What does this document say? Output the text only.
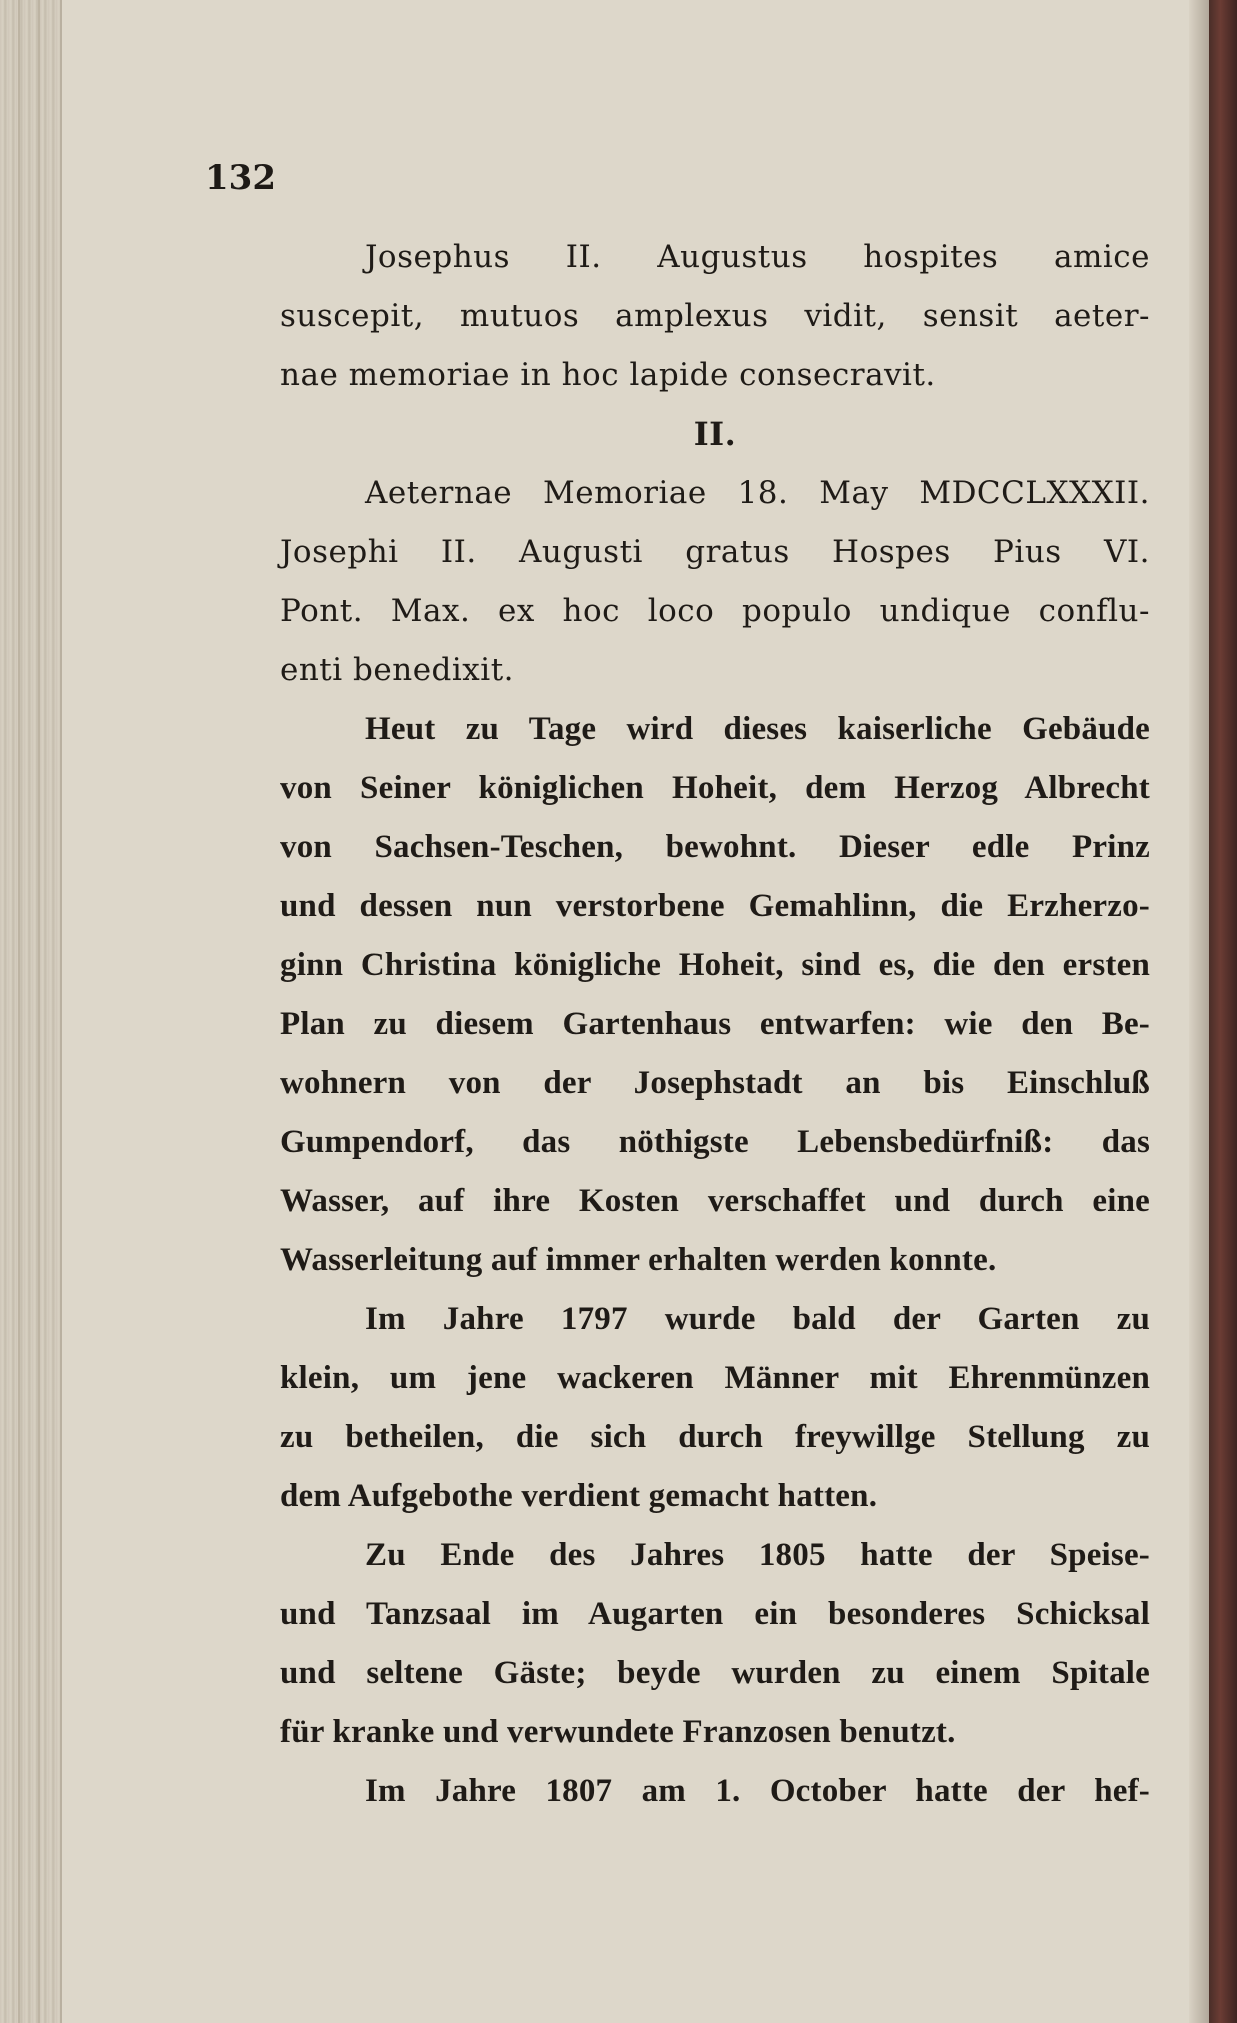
132
Josephus II. Augustus hospites amice
suscepit, mutuos amplexus vidit, sensit aeter-
nae memoriae in hoc lapide consecravit.
II.
Aeternae Memoriae 18. May MDCCLXXXII.
Josephi II. Augusti gratus Hospes Pius VI.
Pont. Max. ex hoc loco populo undique conflu-
enti benedixit.
Heut zu Tage wird dieses kaiserliche Gebäude
von Seiner königlichen Hoheit, dem Herzog Albrecht
von Sachsen-Teschen, bewohnt. Dieser edle Prinz
und dessen nun verstorbene Gemahlinn, die Erzherzo-
ginn Christina königliche Hoheit, sind es, die den ersten
Plan zu diesem Gartenhaus entwarfen: wie den Be-
wohnern von der Josephstadt an bis Einschluß
Gumpendorf, das nöthigste Lebensbedürfniß: das
Wasser, auf ihre Kosten verschaffet und durch eine
Wasserleitung auf immer erhalten werden konnte.
Im Jahre 1797 wurde bald der Garten zu
klein, um jene wackeren Männer mit Ehrenmünzen
zu betheilen, die sich durch freywillge Stellung zu
dem Aufgebothe verdient gemacht hatten.
Zu Ende des Jahres 1805 hatte der Speise-
und Tanzsaal im Augarten ein besonderes Schicksal
und seltene Gäste; beyde wurden zu einem Spitale
für kranke und verwundete Franzosen benutzt.
Im Jahre 1807 am 1. October hatte der hef-
